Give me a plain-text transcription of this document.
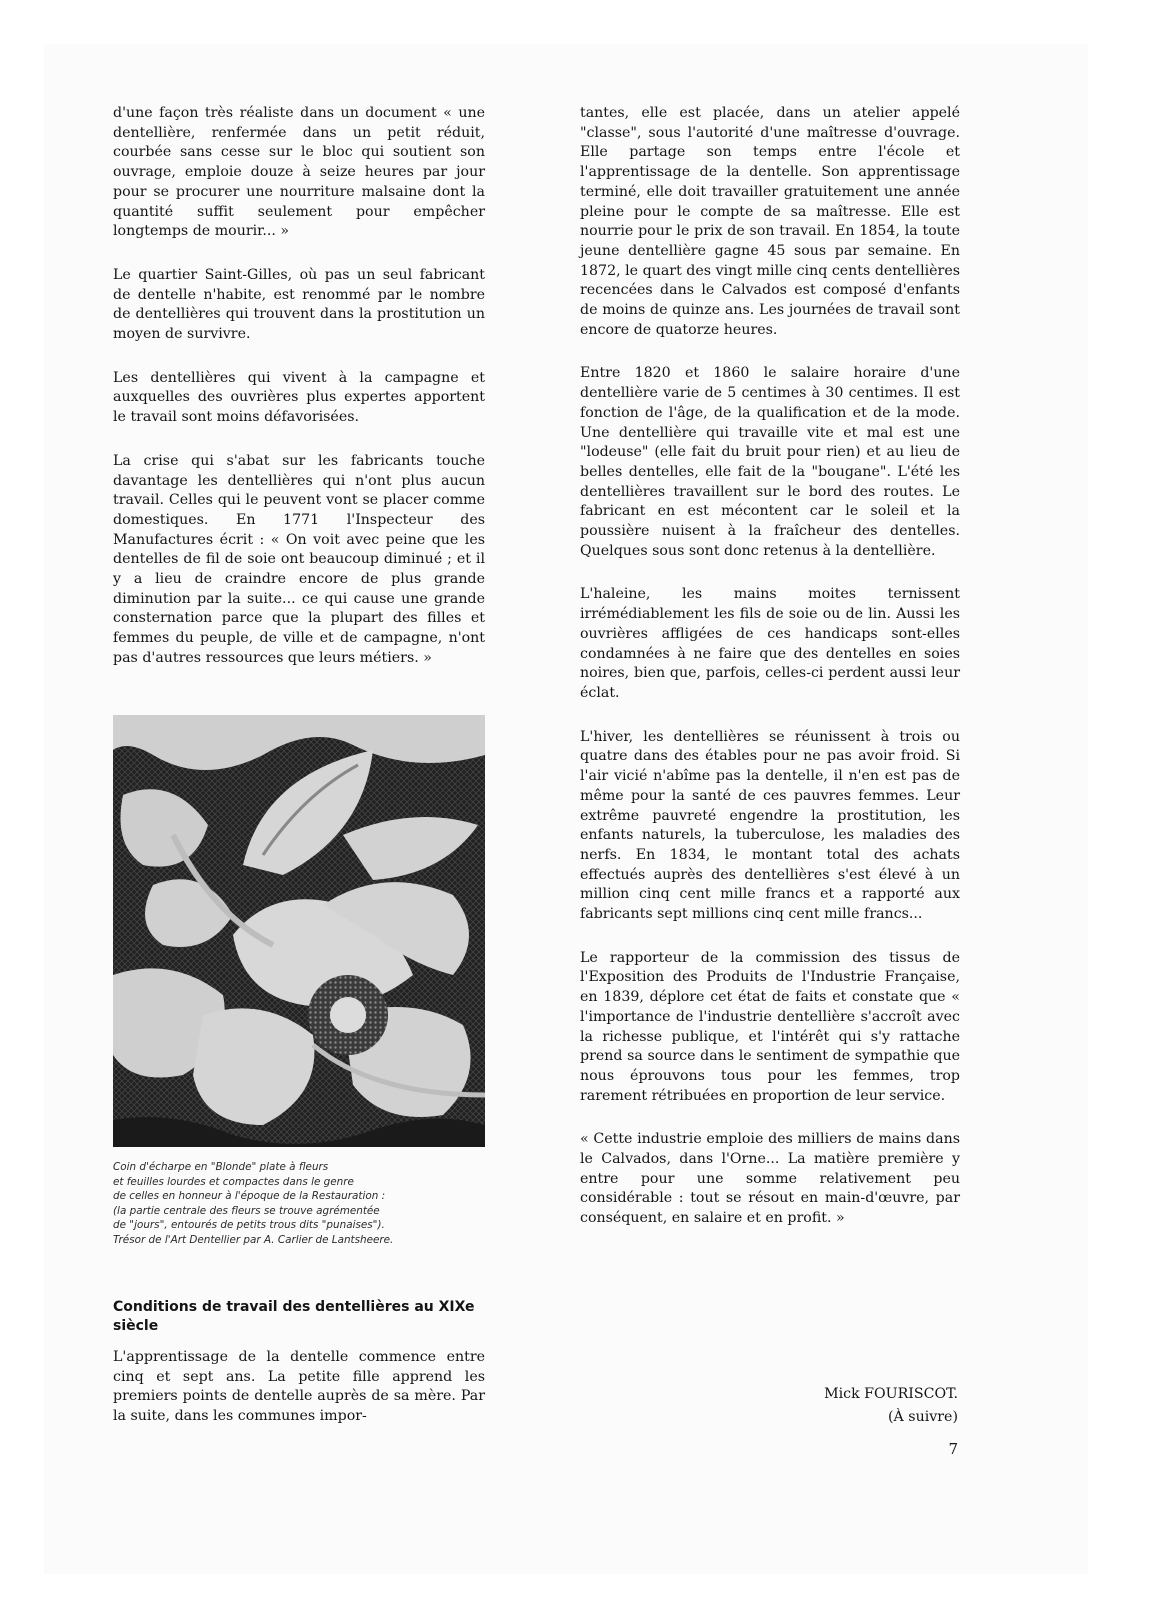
d'une façon très réaliste dans un document « une dentellière, renfermée dans un petit réduit, courbée sans cesse sur le bloc qui soutient son ouvrage, emploie douze à seize heures par jour pour se procurer une nourriture malsaine dont la quantité suffit seulement pour empêcher longtemps de mourir... »

Le quartier Saint-Gilles, où pas un seul fabricant de dentelle n'habite, est renommé par le nombre de dentellières qui trouvent dans la prostitution un moyen de survivre.

Les dentellières qui vivent à la campagne et auxquelles des ouvrières plus expertes apportent le travail sont moins défavorisées.

La crise qui s'abat sur les fabricants touche davantage les dentellières qui n'ont plus aucun travail. Celles qui le peuvent vont se placer comme domestiques. En 1771 l'Inspecteur des Manufactures écrit : « On voit avec peine que les dentelles de fil de soie ont beaucoup diminué ; et il y a lieu de craindre encore de plus grande diminution par la suite... ce qui cause une grande consternation parce que la plupart des filles et femmes du peuple, de ville et de campagne, n'ont pas d'autres ressources que leurs métiers. »

Coin d'écharpe en "Blonde" plate à fleurs
et feuilles lourdes et compactes dans le genre
de celles en honneur à l'époque de la Restauration :
(la partie centrale des fleurs se trouve agrémentée
de "jours", entourés de petits trous dits "punaises").
Trésor de l'Art Dentellier par A. Carlier de Lantsheere.
Conditions de travail des dentellières au XIXe siècle

L'apprentissage de la dentelle commence entre cinq et sept ans. La petite fille apprend les premiers points de dentelle auprès de sa mère. Par la suite, dans les communes impor-

tantes, elle est placée, dans un atelier appelé "classe", sous l'autorité d'une maîtresse d'ouvrage. Elle partage son temps entre l'école et l'apprentissage de la dentelle. Son apprentissage terminé, elle doit travailler gratuitement une année pleine pour le compte de sa maîtresse. Elle est nourrie pour le prix de son travail. En 1854, la toute jeune dentellière gagne 45 sous par semaine. En 1872, le quart des vingt mille cinq cents dentellières recencées dans le Calvados est composé d'enfants de moins de quinze ans. Les journées de travail sont encore de quatorze heures.

Entre 1820 et 1860 le salaire horaire d'une dentellière varie de 5 centimes à 30 centimes. Il est fonction de l'âge, de la qualification et de la mode. Une dentellière qui travaille vite et mal est une "lodeuse" (elle fait du bruit pour rien) et au lieu de belles dentelles, elle fait de la "bougane". L'été les dentellières travaillent sur le bord des routes. Le fabricant en est mécontent car le soleil et la poussière nuisent à la fraîcheur des dentelles. Quelques sous sont donc retenus à la dentellière.

L'haleine, les mains moites ternissent irrémédiablement les fils de soie ou de lin. Aussi les ouvrières affligées de ces handicaps sont-elles condamnées à ne faire que des dentelles en soies noires, bien que, parfois, celles-ci perdent aussi leur éclat.

L'hiver, les dentellières se réunissent à trois ou quatre dans des étables pour ne pas avoir froid. Si l'air vicié n'abîme pas la dentelle, il n'en est pas de même pour la santé de ces pauvres femmes. Leur extrême pauvreté engendre la prostitution, les enfants naturels, la tuberculose, les maladies des nerfs. En 1834, le montant total des achats effectués auprès des dentellières s'est élevé à un million cinq cent mille francs et a rapporté aux fabricants sept millions cinq cent mille francs...

Le rapporteur de la commission des tissus de l'Exposition des Produits de l'Industrie Française, en 1839, déplore cet état de faits et constate que « l'importance de l'industrie dentellière s'accroît avec la richesse publique, et l'intérêt qui s'y rattache prend sa source dans le sentiment de sympathie que nous éprouvons tous pour les femmes, trop rarement rétribuées en proportion de leur service.

« Cette industrie emploie des milliers de mains dans le Calvados, dans l'Orne... La matière première y entre pour une somme relativement peu considérable : tout se résout en main-d'œuvre, par conséquent, en salaire et en profit. »

Mick FOURISCOT.
(À suivre)
7
